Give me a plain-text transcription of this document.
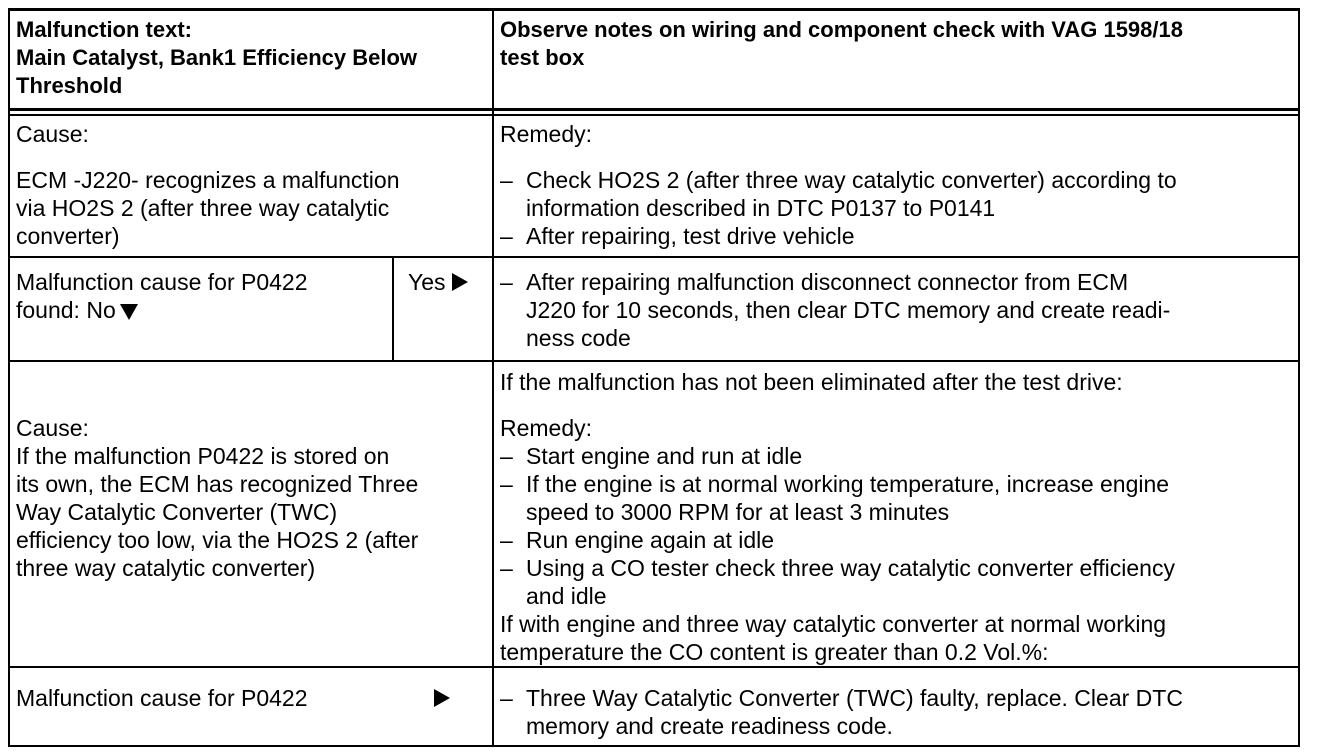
Malfunction text:
Main Catalyst, Bank1 Efficiency Below
Threshold
Observe notes on wiring and component check with VAG 1598/18
test box
Cause:
ECM -J220- recognizes a malfunction
via HO2S 2 (after three way catalytic
converter)
Remedy:
– Check HO2S 2 (after three way catalytic converter) according to
information described in DTC P0137 to P0141
– After repairing, test drive vehicle
Malfunction cause for P0422
found: No
Yes	– After repairing malfunction disconnect connector from ECM
J220 for 10 seconds, then clear DTC memory and create readi-
ness code
If the malfunction has not been eliminated after the test drive:
Cause:
If the malfunction P0422 is stored on
its own, the ECM has recognized Three
Way Catalytic Converter (TWC)
efficiency too low, via the HO2S 2 (after
three way catalytic converter)
Remedy:
– Start engine and run at idle
– If the engine is at normal working temperature, increase engine
speed to 3000 RPM for at least 3 minutes
– Run engine again at idle
– Using a CO tester check three way catalytic converter efficiency
and idle
If with engine and three way catalytic converter at normal working
temperature the CO content is greater than 0.2 Vol.%:
Malfunction cause for P0422	– Three Way Catalytic Converter (TWC) faulty, replace. Clear DTC
memory and create readiness code.
